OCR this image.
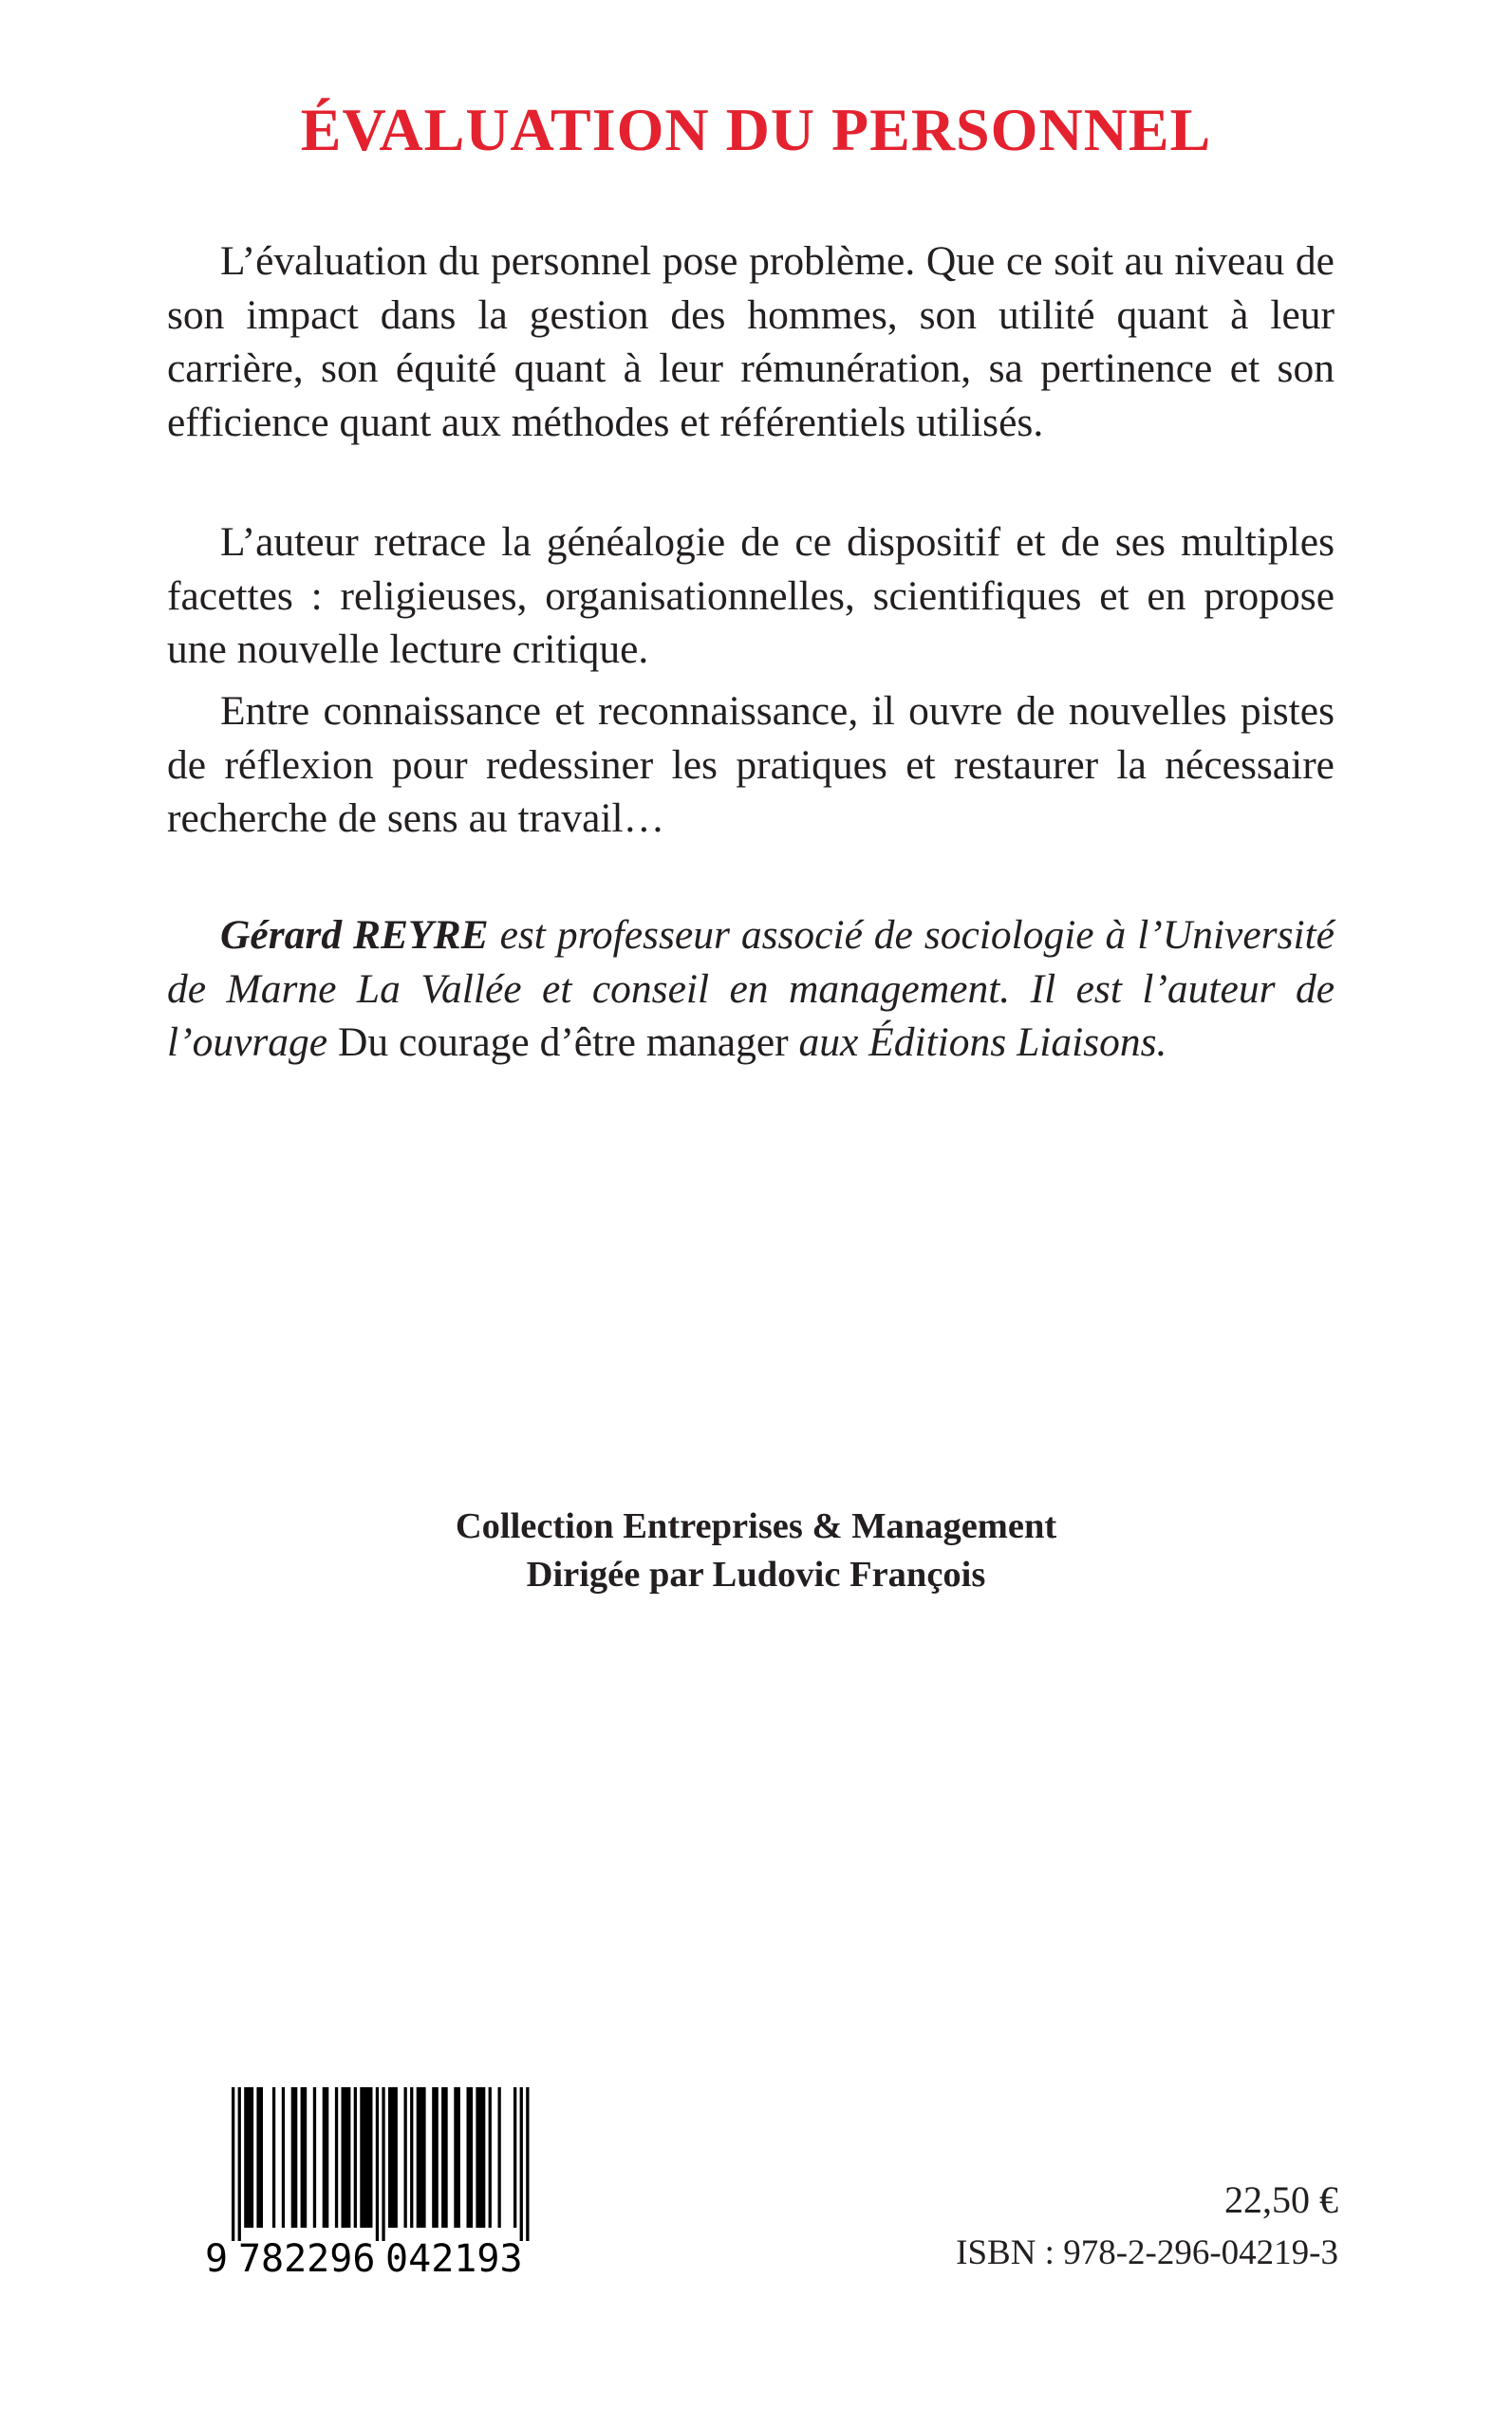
ÉVALUATION DU PERSONNEL

L’évaluation du personnel pose problème. Que ce soit au niveau de son impact dans la gestion des hommes, son utilité quant à leur carrière, son équité quant à leur rémunération, sa pertinence et son efficience quant aux méthodes et référentiels utilisés.

L’auteur retrace la généalogie de ce dispositif et de ses multiples facettes : religieuses, organisationnelles, scientifiques et en propose une nouvelle lecture critique.

Entre connaissance et reconnaissance, il ouvre de nouvelles pistes de réflexion pour redessiner les pratiques et restaurer la nécessaire recherche de sens au travail…

Gérard REYRE est professeur associé de sociologie à l’Université de Marne La Vallée et conseil en management. Il est l’auteur de l’ouvrage Du courage d’être manager aux Éditions Liaisons.

Collection Entreprises & Management
Dirigée par Ludovic François
9 782296 042193
22,50 €
ISBN : 978-2-296-04219-3
